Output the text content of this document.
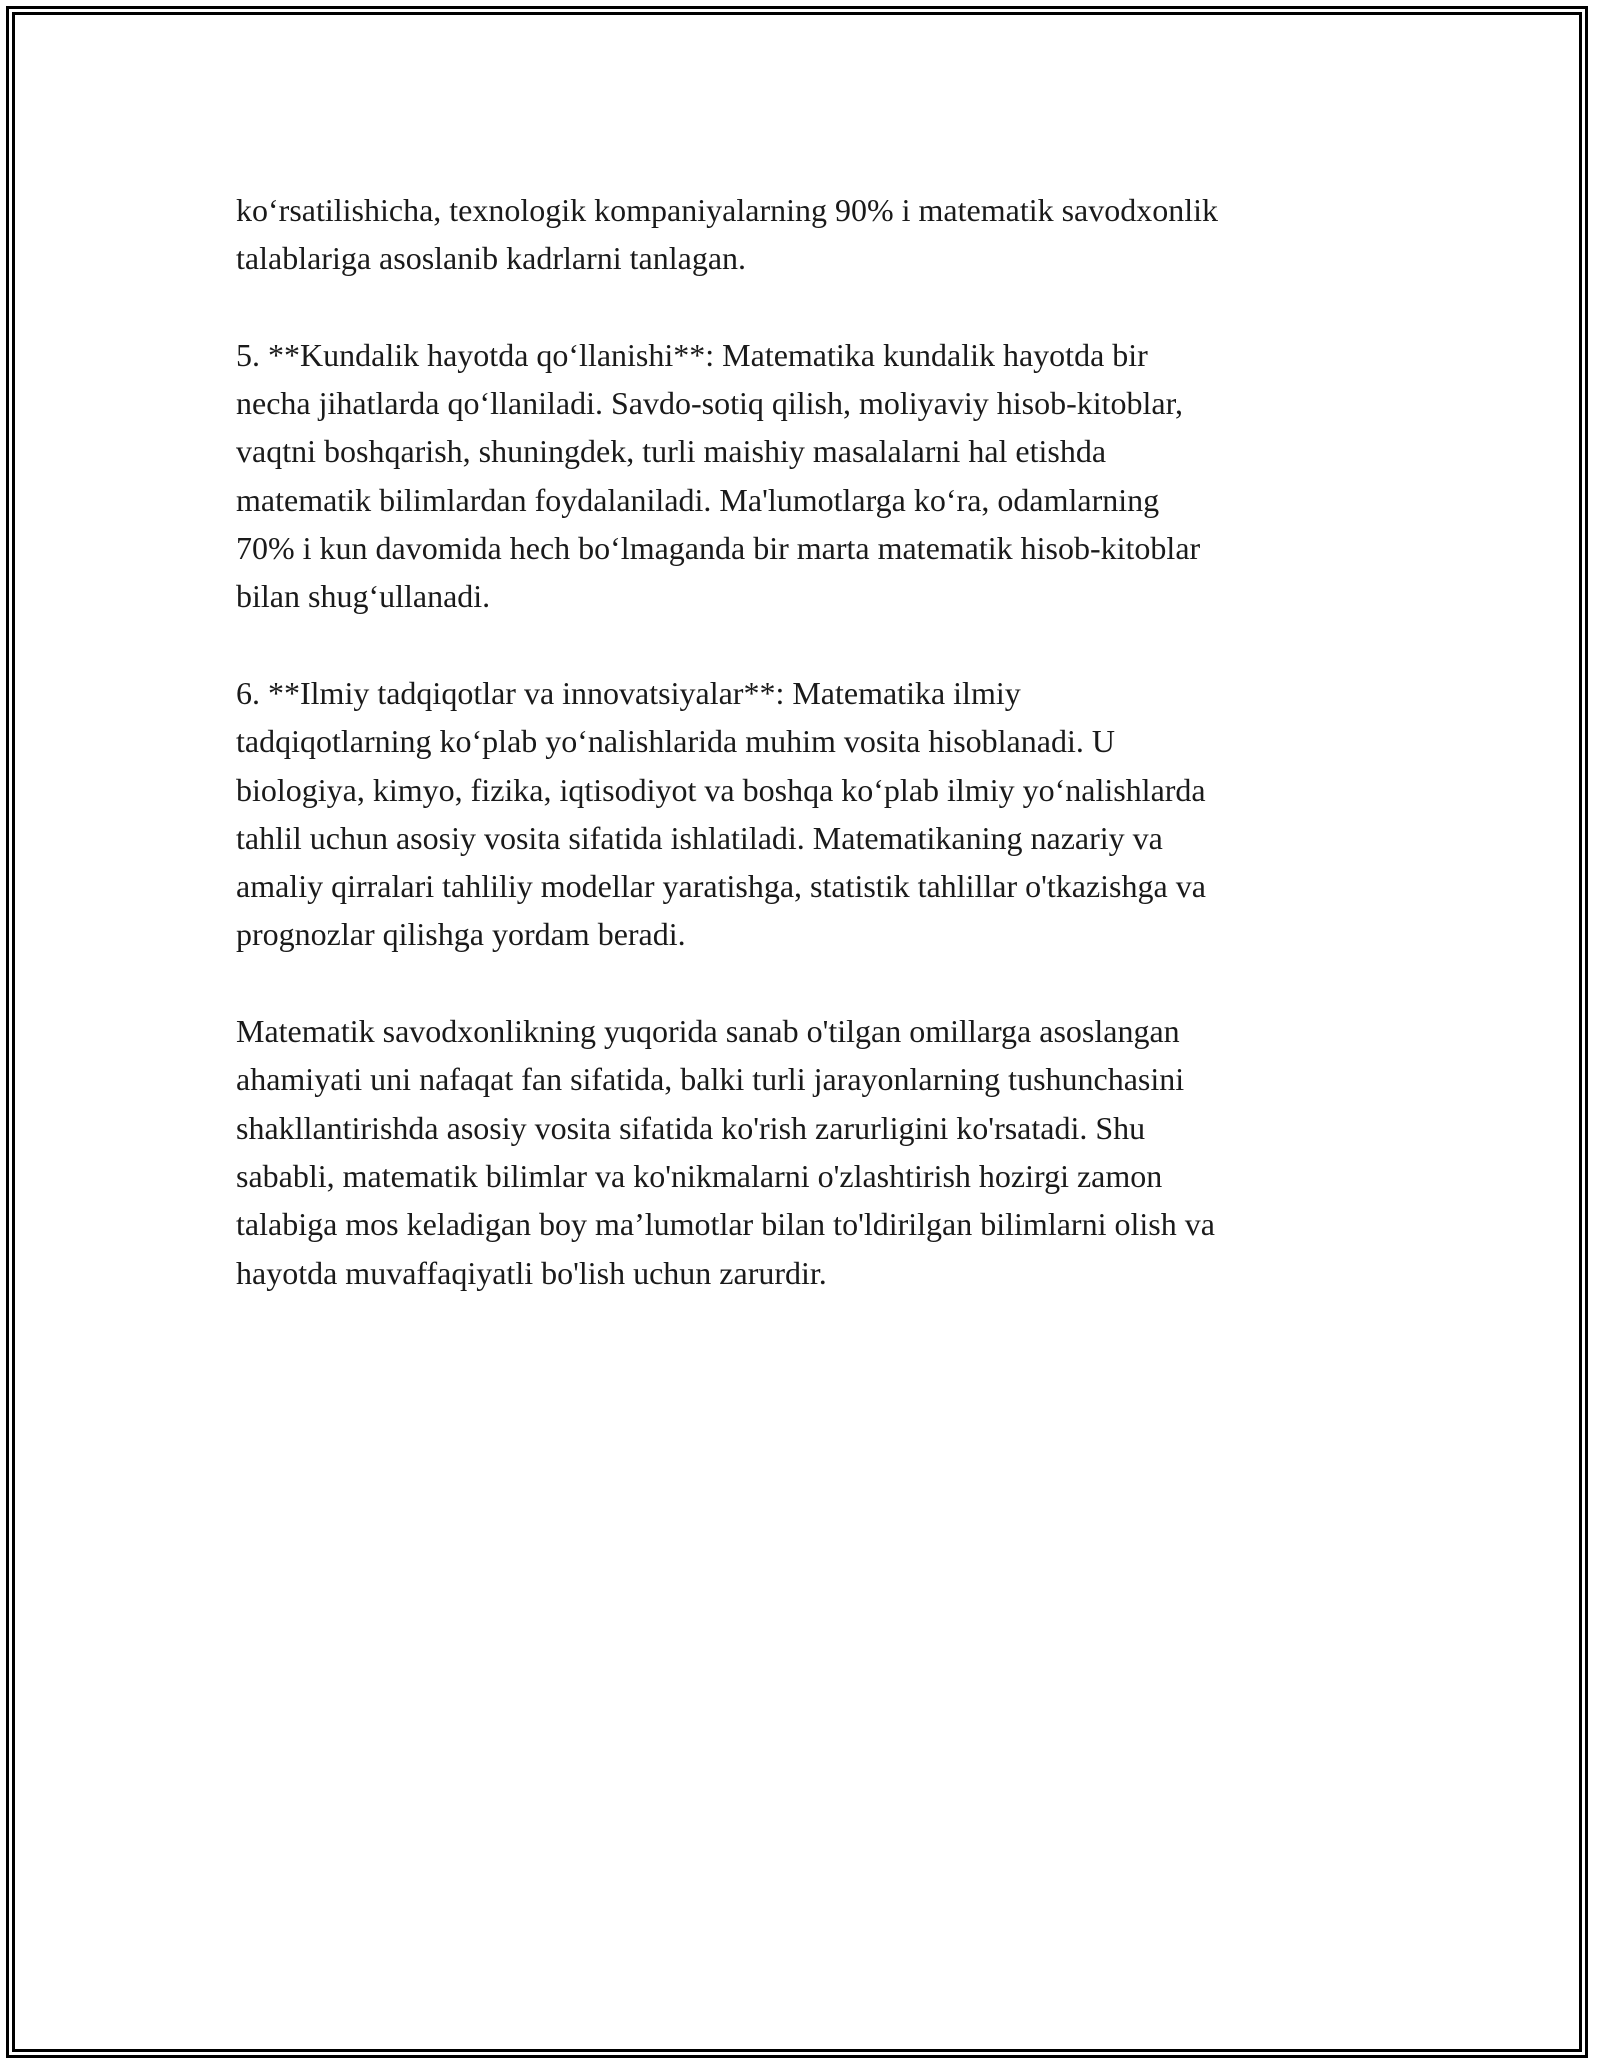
ko‘rsatilishicha, texnologik kompaniyalarning 90% i matematik savodxonlik
talablariga asoslanib kadrlarni tanlagan.

5. **Kundalik hayotda qo‘llanishi**: Matematika kundalik hayotda bir
necha jihatlarda qo‘llaniladi. Savdo-sotiq qilish, moliyaviy hisob-kitoblar,
vaqtni boshqarish, shuningdek, turli maishiy masalalarni hal etishda
matematik bilimlardan foydalaniladi. Ma'lumotlarga ko‘ra, odamlarning
70% i kun davomida hech bo‘lmaganda bir marta matematik hisob-kitoblar
bilan shug‘ullanadi.

6. **Ilmiy tadqiqotlar va innovatsiyalar**: Matematika ilmiy
tadqiqotlarning ko‘plab yo‘nalishlarida muhim vosita hisoblanadi. U
biologiya, kimyo, fizika, iqtisodiyot va boshqa ko‘plab ilmiy yo‘nalishlarda
tahlil uchun asosiy vosita sifatida ishlatiladi. Matematikaning nazariy va
amaliy qirralari tahliliy modellar yaratishga, statistik tahlillar o'tkazishga va
prognozlar qilishga yordam beradi.

Matematik savodxonlikning yuqorida sanab o'tilgan omillarga asoslangan
ahamiyati uni nafaqat fan sifatida, balki turli jarayonlarning tushunchasini
shakllantirishda asosiy vosita sifatida ko'rish zarurligini ko'rsatadi. Shu
sababli, matematik bilimlar va ko'nikmalarni o'zlashtirish hozirgi zamon
talabiga mos keladigan boy ma’lumotlar bilan to'ldirilgan bilimlarni olish va
hayotda muvaffaqiyatli bo'lish uchun zarurdir.
